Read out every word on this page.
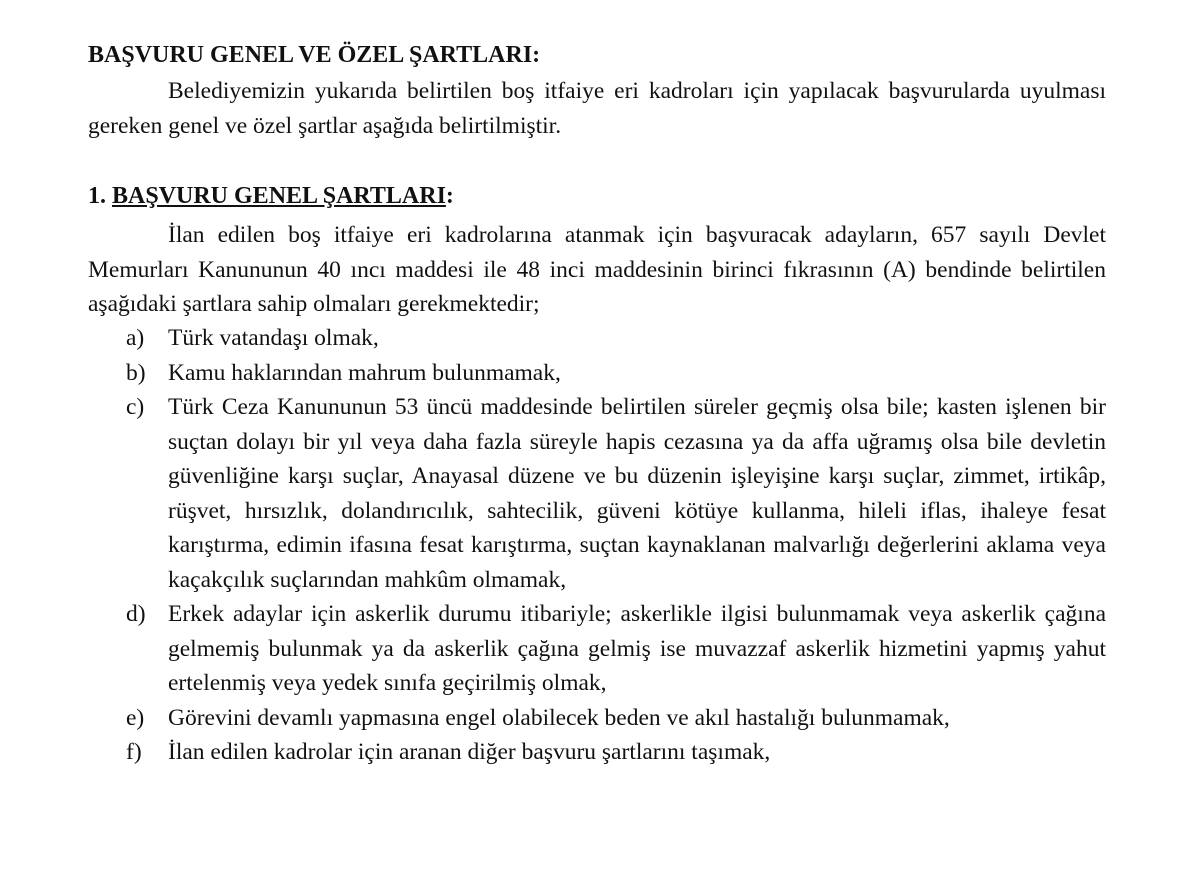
BAŞVURU GENEL VE ÖZEL ŞARTLARI:
Belediyemizin yukarıda belirtilen boş itfaiye eri kadroları için yapılacak başvurularda uyulması gereken genel ve özel şartlar aşağıda belirtilmiştir.
1. BAŞVURU GENEL ŞARTLARI:
İlan edilen boş itfaiye eri kadrolarına atanmak için başvuracak adayların, 657 sayılı Devlet Memurları Kanununun 40 ıncı maddesi ile 48 inci maddesinin birinci fıkrasının (A) bendinde belirtilen aşağıdaki şartlara sahip olmaları gerekmektedir;
a) Türk vatandaşı olmak,
b) Kamu haklarından mahrum bulunmamak,
c) Türk Ceza Kanununun 53 üncü maddesinde belirtilen süreler geçmiş olsa bile; kasten işlenen bir suçtan dolayı bir yıl veya daha fazla süreyle hapis cezasına ya da affa uğramış olsa bile devletin güvenliğine karşı suçlar, Anayasal düzene ve bu düzenin işleyişine karşı suçlar, zimmet, irtikâp, rüşvet, hırsızlık, dolandırıcılık, sahtecilik, güveni kötüye kullanma, hileli iflas, ihaleye fesat karıştırma, edimin ifasına fesat karıştırma, suçtan kaynaklanan malvarlığı değerlerini aklama veya kaçakçılık suçlarından mahkûm olmamak,
d) Erkek adaylar için askerlik durumu itibariyle; askerlikle ilgisi bulunmamak veya askerlik çağına gelmemiş bulunmak ya da askerlik çağına gelmiş ise muvazzaf askerlik hizmetini yapmış yahut ertelenmiş veya yedek sınıfa geçirilmiş olmak,
e) Görevini devamlı yapmasına engel olabilecek beden ve akıl hastalığı bulunmamak,
f) İlan edilen kadrolar için aranan diğer başvuru şartlarını taşımak,
